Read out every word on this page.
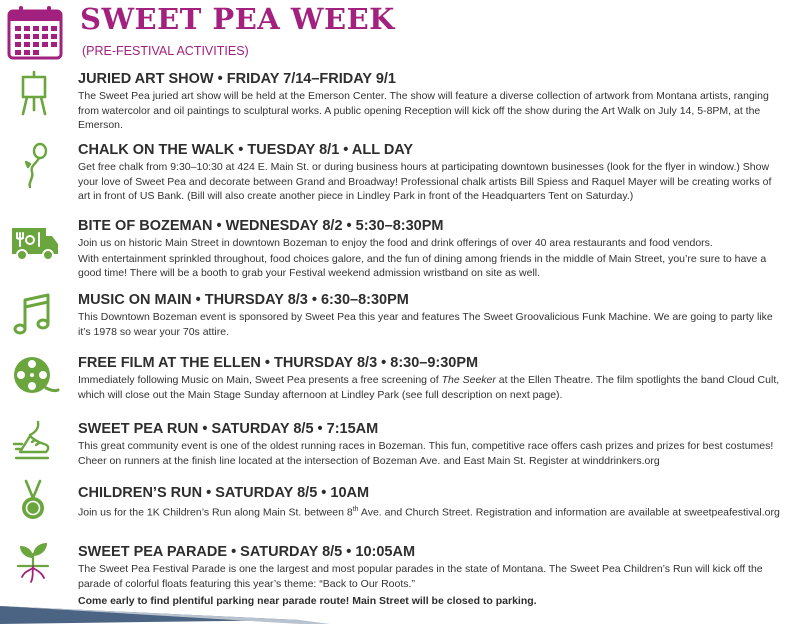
SWEET PEA WEEK
(PRE-FESTIVAL ACTIVITIES)
JURIED ART SHOW • FRIDAY 7/14–FRIDAY 9/1
The Sweet Pea juried art show will be held at the Emerson Center. The show will feature a diverse collection of artwork from Montana artists, ranging from watercolor and oil paintings to sculptural works. A public opening Reception will kick off the show during the Art Walk on July 14, 5-8PM, at the Emerson.
CHALK ON THE WALK • TUESDAY 8/1 • ALL DAY
Get free chalk from 9:30–10:30 at 424 E. Main St. or during business hours at participating downtown businesses (look for the flyer in window.) Show your love of Sweet Pea and decorate between Grand and Broadway! Professional chalk artists Bill Spiess and Raquel Mayer will be creating works of art in front of US Bank. (Bill will also create another piece in Lindley Park in front of the Headquarters Tent on Saturday.)
BITE OF BOZEMAN • WEDNESDAY 8/2 • 5:30–8:30PM
Join us on historic Main Street in downtown Bozeman to enjoy the food and drink offerings of over 40 area restaurants and food vendors.
With entertainment sprinkled throughout, food choices galore, and the fun of dining among friends in the middle of Main Street, you’re sure to have a good time! There will be a booth to grab your Festival weekend admission wristband on site as well.
MUSIC ON MAIN • THURSDAY 8/3 • 6:30–8:30PM
This Downtown Bozeman event is sponsored by Sweet Pea this year and features The Sweet Groovalicious Funk Machine. We are going to party like it’s 1978 so wear your 70s attire.
FREE FILM AT THE ELLEN • THURSDAY 8/3 • 8:30–9:30PM
Immediately following Music on Main, Sweet Pea presents a free screening of The Seeker at the Ellen Theatre. The film spotlights the band Cloud Cult, which will close out the Main Stage Sunday afternoon at Lindley Park (see full description on next page).
SWEET PEA RUN • SATURDAY 8/5 • 7:15AM
This great community event is one of the oldest running races in Bozeman. This fun, competitive race offers cash prizes and prizes for best costumes! Cheer on runners at the finish line located at the intersection of Bozeman Ave. and East Main St. Register at winddrinkers.org
CHILDREN’S RUN • SATURDAY 8/5 • 10AM
Join us for the 1K Children’s Run along Main St. between 8th Ave. and Church Street. Registration and information are available at sweetpeafestival.org
SWEET PEA PARADE • SATURDAY 8/5 • 10:05AM
The Sweet Pea Festival Parade is one the largest and most popular parades in the state of Montana. The Sweet Pea Children’s Run will kick off the parade of colorful floats featuring this year’s theme: “Back to Our Roots.”
Come early to find plentiful parking near parade route! Main Street will be closed to parking.
